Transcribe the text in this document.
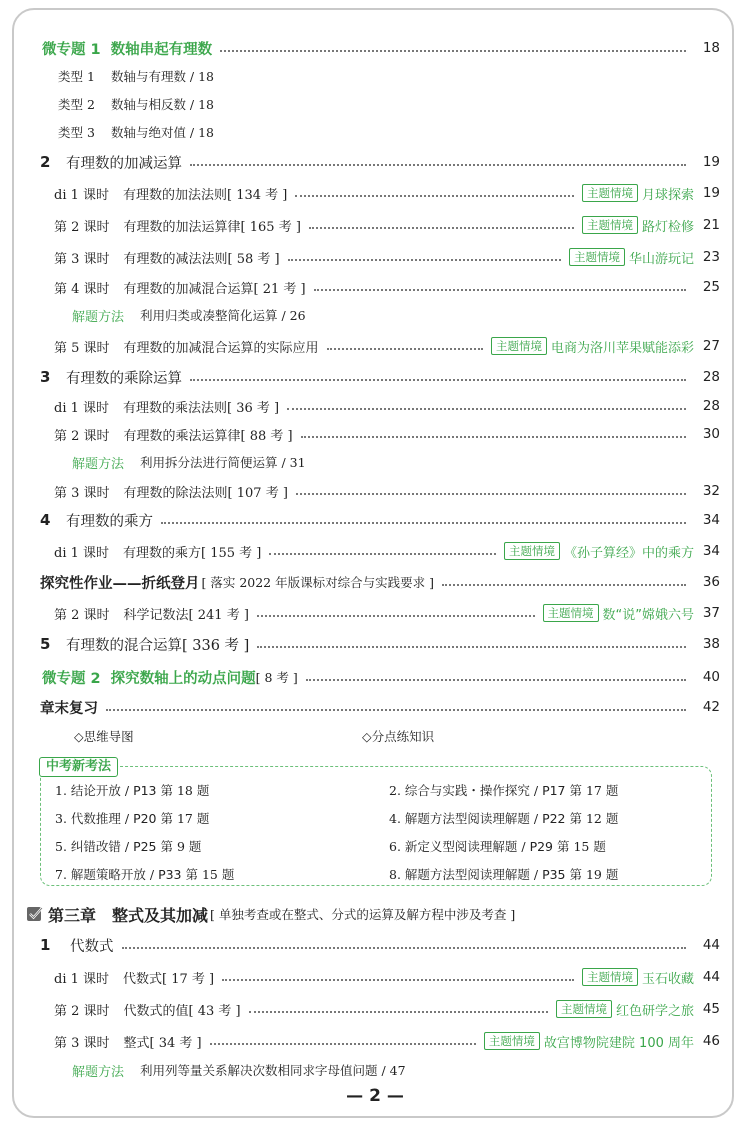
微专题 1 数轴串起有理数	18
类型 1 数轴与有理数 / 18
类型 2 数轴与相反数 / 18
类型 3 数轴与绝对值 / 18
2	有理数的加减运算	19
di 1 课时 有理数的加法法则[ 134 考 ]	主题情境 月球探索 19
第 2 课时 有理数的加法运算律[ 165 考 ]	主题情境 路灯检修 21
第 3 课时 有理数的减法法则[ 58 考 ]	主题情境 华山游玩记 23
第 4 课时 有理数的加减混合运算[ 21 考 ]	25
解题方法 利用归类或凑整简化运算 / 26
第 5 课时 有理数的加减混合运算的实际应用	主题情境 电商为洛川苹果赋能添彩 27
3	有理数的乘除运算	28
di 1 课时 有理数的乘法法则[ 36 考 ]	28
第 2 课时 有理数的乘法运算律[ 88 考 ]	30
解题方法 利用拆分法进行简便运算 / 31
第 3 课时 有理数的除法法则[ 107 考 ]	32
4	有理数的乘方	34
di 1 课时 有理数的乘方[ 155 考 ]	主题情境 《孙子算经》中的乘方 34
探究性作业——折纸登月 [ 落实 2022 年版课标对综合与实践要求 ]	36
第 2 课时 科学记数法[ 241 考 ]	主题情境 数“说”嫦娥六号 37
5	有理数的混合运算[ 336 考 ]	38
微专题 2 探究数轴上的动点问题 [ 8 考 ]	40
章末复习	42
◇思维导图	◇分点练知识
中考新考法
1. 结论开放 / P13 第 18 题	2. 综合与实践・操作探究 / P17 第 17 题
3. 代数推理 / P20 第 17 题	4. 解题方法型阅读理解题 / P22 第 12 题
5. 纠错改错 / P25 第 9 题	6. 新定义型阅读理解题 / P29 第 15 题
7. 解题策略开放 / P33 第 15 题	8. 解题方法型阅读理解题 / P35 第 19 题
第三章 整式及其加减 [ 单独考查或在整式、分式的运算及解方程中涉及考查 ]
1	代数式	44
di 1 课时 代数式[ 17 考 ]	主题情境 玉石收藏 44
第 2 课时 代数式的值[ 43 考 ]	主题情境 红色研学之旅 45
第 3 课时 整式[ 34 考 ]	主题情境 故宫博物院建院 100 周年 46
解题方法 利用列等量关系解决次数相同求字母值问题 / 47
— 2 —
